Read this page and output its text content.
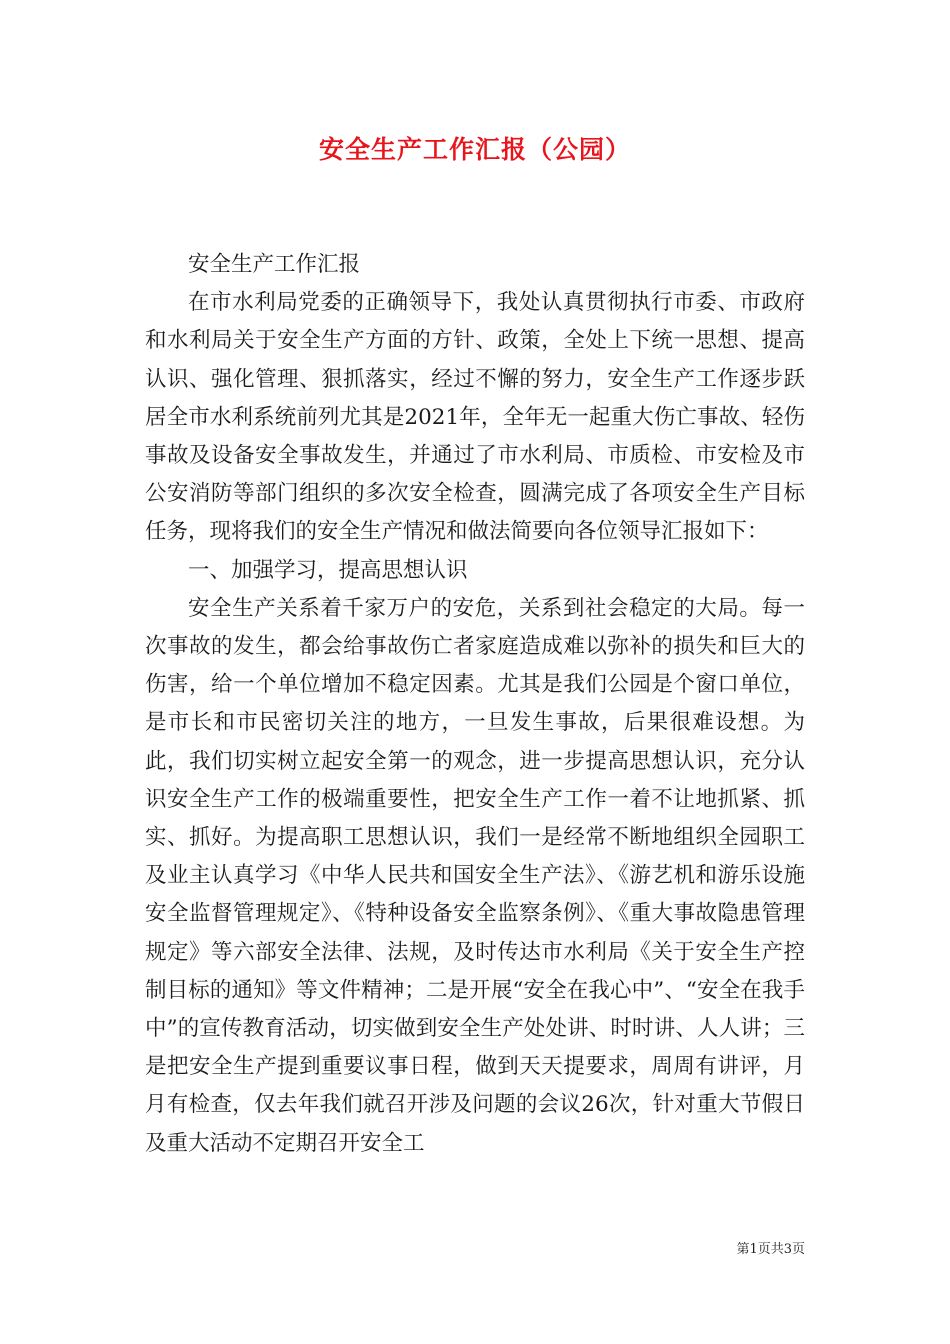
安全生产工作汇报（公园）

安全生产工作汇报

在市水利局党委的正确领导下，我处认真贯彻执行市委、市政府和水利局关于安全生产方面的方针、政策，全处上下统一思想、提高认识、强化管理、狠抓落实，经过不懈的努力，安全生产工作逐步跃居全市水利系统前列尤其是2021年，全年无一起重大伤亡事故、轻伤事故及设备安全事故发生，并通过了市水利局、市质检、市安检及市公安消防等部门组织的多次安全检查，圆满完成了各项安全生产目标任务，现将我们的安全生产情况和做法简要向各位领导汇报如下：

一、加强学习，提高思想认识

安全生产关系着千家万户的安危，关系到社会稳定的大局。每一次事故的发生，都会给事故伤亡者家庭造成难以弥补的损失和巨大的伤害，给一个单位增加不稳定因素。尤其是我们公园是个窗口单位，是市长和市民密切关注的地方，一旦发生事故，后果很难设想。为此，我们切实树立起安全第一的观念，进一步提高思想认识，充分认识安全生产工作的极端重要性，把安全生产工作一着不让地抓紧、抓实、抓好。为提高职工思想认识，我们一是经常不断地组织全园职工及业主认真学习《中华人民共和国安全生产法》、《游艺机和游乐设施安全监督管理规定》、《特种设备安全监察条例》、《重大事故隐患管理规定》等六部安全法律、法规，及时传达市水利局《关于安全生产控制目标的通知》等文件精神；二是开展“安全在我心中”、“安全在我手中”的宣传教育活动，切实做到安全生产处处讲、时时讲、人人讲；三是把安全生产提到重要议事日程，做到天天提要求，周周有讲评，月月有检查，仅去年我们就召开涉及问题的会议26次，针对重大节假日及重大活动不定期召开安全工

第1页共3页
